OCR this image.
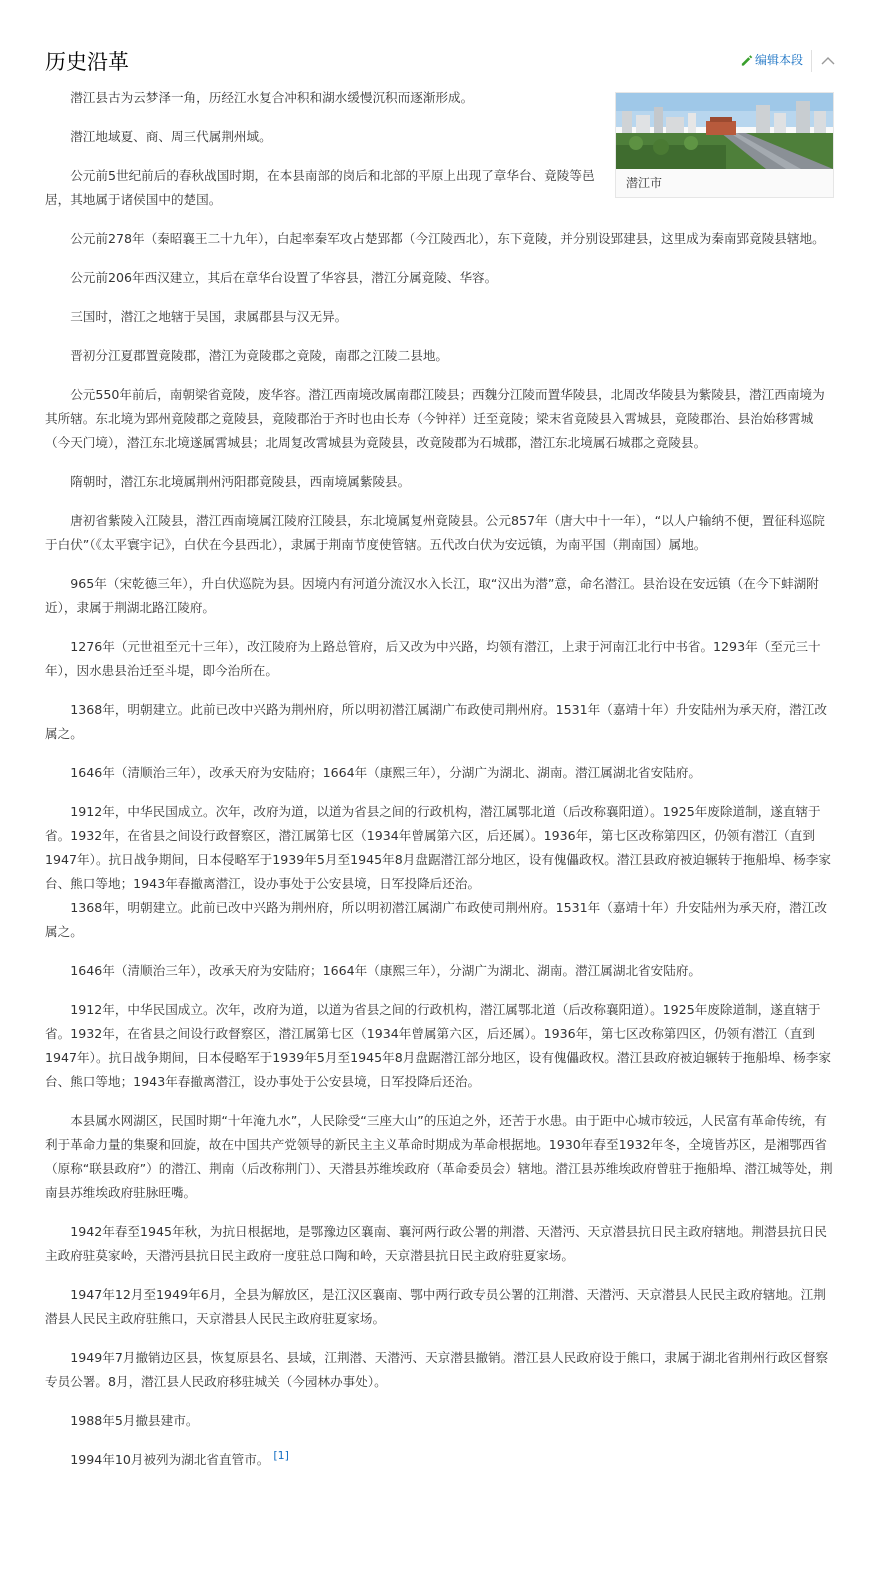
历史沿革	编辑本段
潜江市

潜江县古为云梦泽一角，历经江水复合冲积和湖水缓慢沉积而逐渐形成。

潜江地域夏、商、周三代属荆州域。

公元前5世纪前后的春秋战国时期，在本县南部的岗后和北部的平原上出现了章华台、竟陵等邑居，其地属于诸侯国中的楚国。

公元前278年（秦昭襄王二十九年），白起率秦军攻占楚郢都（今江陵西北），东下竟陵，并分别设郢建县，这里成为秦南郢竟陵县辖地。

公元前206年西汉建立，其后在章华台设置了华容县，潜江分属竟陵、华容。

三国时，潜江之地辖于吴国，隶属郡县与汉无异。

晋初分江夏郡置竟陵郡，潜江为竟陵郡之竟陵，南郡之江陵二县地。

公元550年前后，南朝梁省竟陵，废华容。潜江西南境改属南郡江陵县；西魏分江陵而置华陵县，北周改华陵县为紫陵县，潜江西南境为其所辖。东北境为郢州竟陵郡之竟陵县，竟陵郡治于齐时也由长寿（今钟祥）迁至竟陵；梁末省竟陵县入霄城县，竟陵郡治、县治始移霄城（今天门境），潜江东北境遂属霄城县；北周复改霄城县为竟陵县，改竟陵郡为石城郡，潜江东北境属石城郡之竟陵县。

隋朝时，潜江东北境属荆州沔阳郡竟陵县，西南境属紫陵县。

唐初省紫陵入江陵县，潜江西南境属江陵府江陵县，东北境属复州竟陵县。公元857年（唐大中十一年），“以人户输纳不便，置征科巡院于白伏”（《太平寰宇记》，白伏在今县西北），隶属于荆南节度使管辖。五代改白伏为安远镇，为南平国（荆南国）属地。

965年（宋乾德三年），升白伏巡院为县。因境内有河道分流汉水入长江，取“汉出为潜”意，命名潜江。县治设在安远镇（在今下蚌湖附近），隶属于荆湖北路江陵府。

1276年（元世祖至元十三年），改江陵府为上路总管府，后又改为中兴路，均领有潜江，上隶于河南江北行中书省。1293年（至元三十年），因水患县治迁至斗堤，即今治所在。

1368年，明朝建立。此前已改中兴路为荆州府，所以明初潜江属湖广布政使司荆州府。1531年（嘉靖十年）升安陆州为承天府，潜江改属之。

1646年（清顺治三年），改承天府为安陆府；1664年（康熙三年），分湖广为湖北、湖南。潜江属湖北省安陆府。

1912年，中华民国成立。次年，改府为道，以道为省县之间的行政机构，潜江属鄂北道（后改称襄阳道）。1925年废除道制，遂直辖于省。1932年，在省县之间设行政督察区，潜江属第七区（1934年曾属第六区，后还属）。1936年，第七区改称第四区，仍领有潜江（直到1947年）。抗日战争期间，日本侵略军于1939年5月至1945年8月盘踞潜江部分地区，设有傀儡政权。潜江县政府被迫辗转于拖船埠、杨李家台、熊口等地；1943年春撤离潜江，设办事处于公安县境，日军投降后还治。

1368年，明朝建立。此前已改中兴路为荆州府，所以明初潜江属湖广布政使司荆州府。1531年（嘉靖十年）升安陆州为承天府，潜江改属之。

1646年（清顺治三年），改承天府为安陆府；1664年（康熙三年），分湖广为湖北、湖南。潜江属湖北省安陆府。

1912年，中华民国成立。次年，改府为道，以道为省县之间的行政机构，潜江属鄂北道（后改称襄阳道）。1925年废除道制，遂直辖于省。1932年，在省县之间设行政督察区，潜江属第七区（1934年曾属第六区，后还属）。1936年，第七区改称第四区，仍领有潜江（直到1947年）。抗日战争期间，日本侵略军于1939年5月至1945年8月盘踞潜江部分地区，设有傀儡政权。潜江县政府被迫辗转于拖船埠、杨李家台、熊口等地；1943年春撤离潜江，设办事处于公安县境，日军投降后还治。

本县属水网湖区，民国时期“十年淹九水”，人民除受“三座大山”的压迫之外，还苦于水患。由于距中心城市较远，人民富有革命传统，有利于革命力量的集聚和回旋，故在中国共产党领导的新民主主义革命时期成为革命根据地。1930年春至1932年冬，全境皆苏区，是湘鄂西省（原称“联县政府”）的潜江、荆南（后改称荆门）、天潜县苏维埃政府（革命委员会）辖地。潜江县苏维埃政府曾驻于拖船埠、潜江城等处，荆南县苏维埃政府驻脉旺嘴。

1942年春至1945年秋，为抗日根据地，是鄂豫边区襄南、襄河两行政公署的荆潜、天潜沔、天京潜县抗日民主政府辖地。荆潜县抗日民主政府驻莫家岭，天潜沔县抗日民主政府一度驻总口陶和岭，天京潜县抗日民主政府驻夏家场。

1947年12月至1949年6月，全县为解放区，是江汉区襄南、鄂中两行政专员公署的江荆潜、天潜沔、天京潜县人民民主政府辖地。江荆潜县人民民主政府驻熊口，天京潜县人民民主政府驻夏家场。

1949年7月撤销边区县，恢复原县名、县域，江荆潜、天潜沔、天京潜县撤销。潜江县人民政府设于熊口，隶属于湖北省荆州行政区督察专员公署。8月，潜江县人民政府移驻城关（今园林办事处）。

1988年5月撤县建市。

1994年10月被列为湖北省直管市。 [1]
